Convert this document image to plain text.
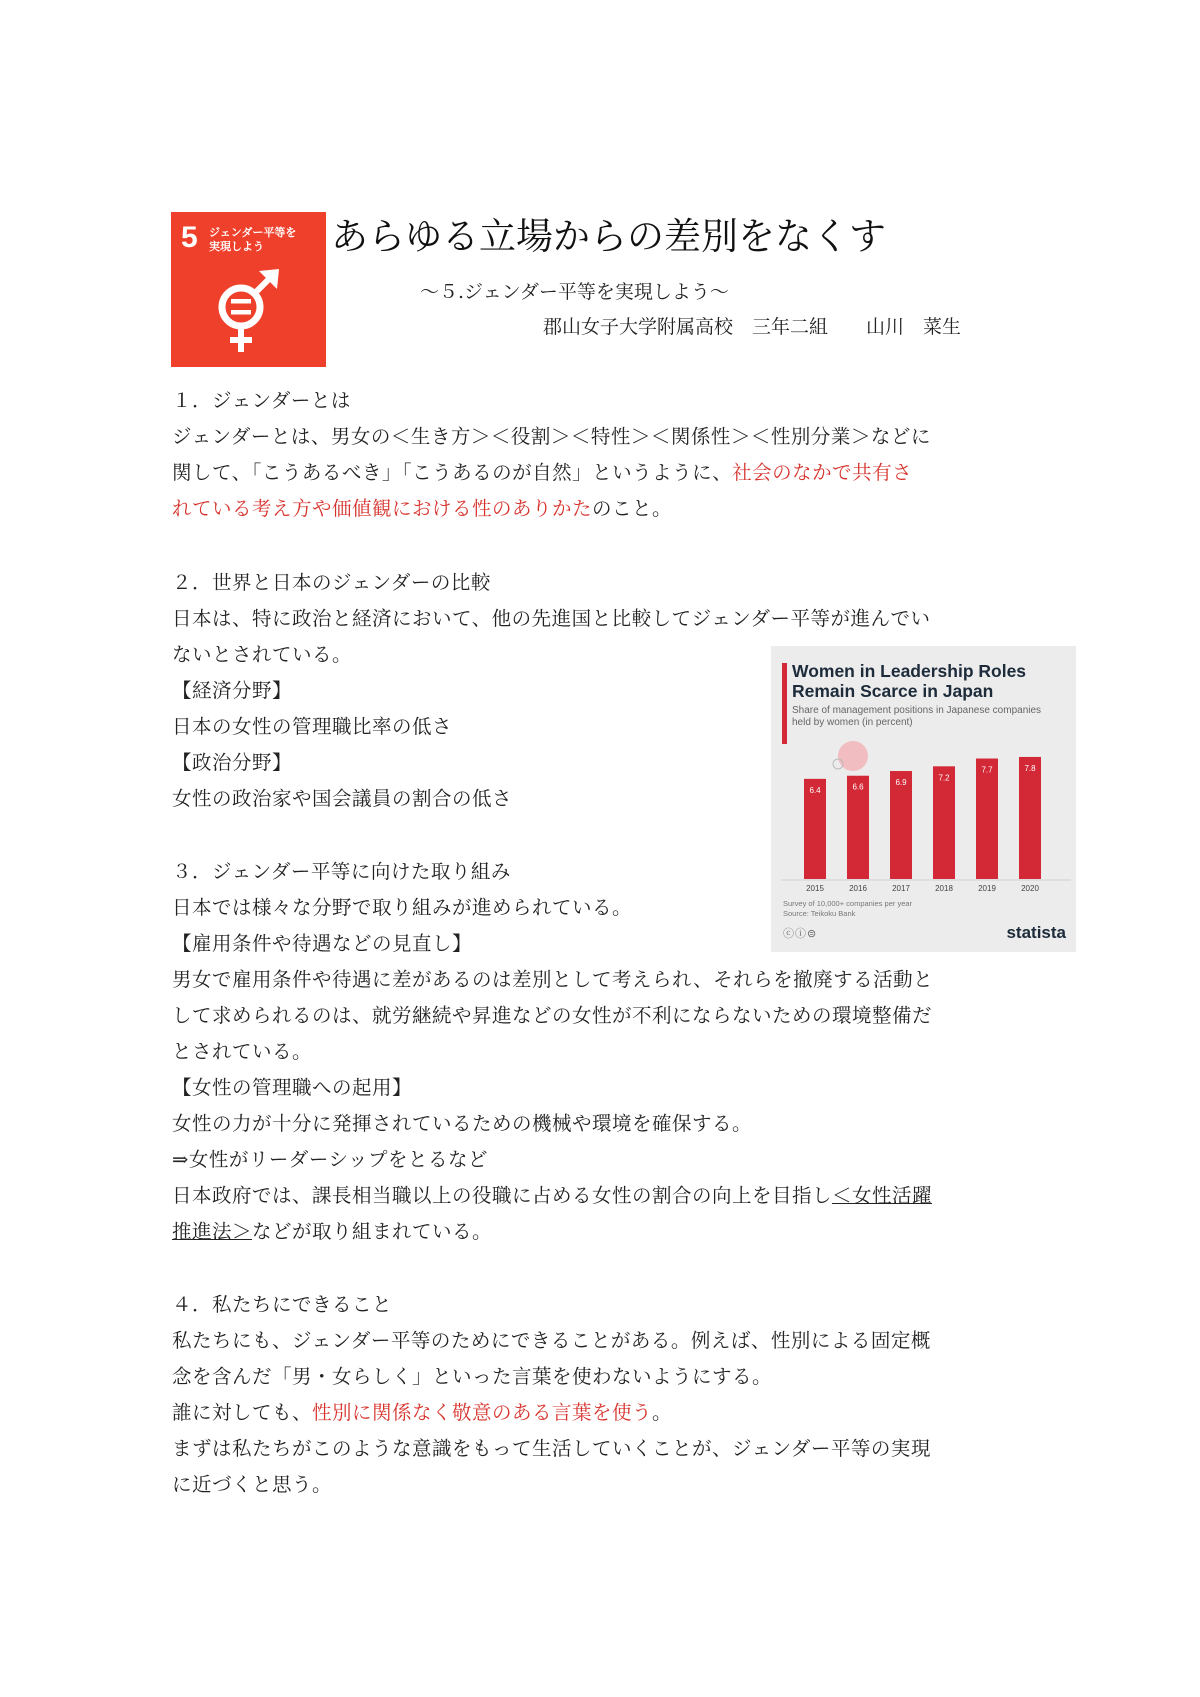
5 ジェンダー平等を
実現しよう	あらゆる立場からの差別をなくす
～５.ジェンダー平等を実現しよう～
郡山女子大学附属高校　三年二組　　山川　菜生
１．ジェンダーとは
ジェンダーとは、男女の＜生き方＞＜役割＞＜特性＞＜関係性＞＜性別分業＞などに
関して、「こうあるべき」「こうあるのが自然」というように、社会のなかで共有さ
れている考え方や価値観における性のありかたのこと。
２．世界と日本のジェンダーの比較
日本は、特に政治と経済において、他の先進国と比較してジェンダー平等が進んでい
ないとされている。
【経済分野】
日本の女性の管理職比率の低さ
【政治分野】
女性の政治家や国会議員の割合の低さ
３．ジェンダー平等に向けた取り組み
日本では様々な分野で取り組みが進められている。
【雇用条件や待遇などの見直し】
男女で雇用条件や待遇に差があるのは差別として考えられ、それらを撤廃する活動と
して求められるのは、就労継続や昇進などの女性が不利にならないための環境整備だ
とされている。
【女性の管理職への起用】
女性の力が十分に発揮されているための機械や環境を確保する。
⇒女性がリーダーシップをとるなど
日本政府では、課長相当職以上の役職に占める女性の割合の向上を目指し＜女性活躍
推進法＞などが取り組まれている。
４．私たちにできること
私たちにも、ジェンダー平等のためにできることがある。例えば、性別による固定概
念を含んだ「男・女らしく」といった言葉を使わないようにする。
誰に対しても、性別に関係なく敬意のある言葉を使う。
まずは私たちがこのような意識をもって生活していくことが、ジェンダー平等の実現
に近づくと思う。
Women in Leadership Roles Remain Scarce in Japan
Share of management positions in Japanese companies held by women (in percent)
6.4
2015
6.6
2016
6.9
2017
7.2
2018
7.7
2019
7.8
2020
Survey of 10,000+ companies per year
Source: Teikoku Bank
ⓒⓘ⊜	statista
